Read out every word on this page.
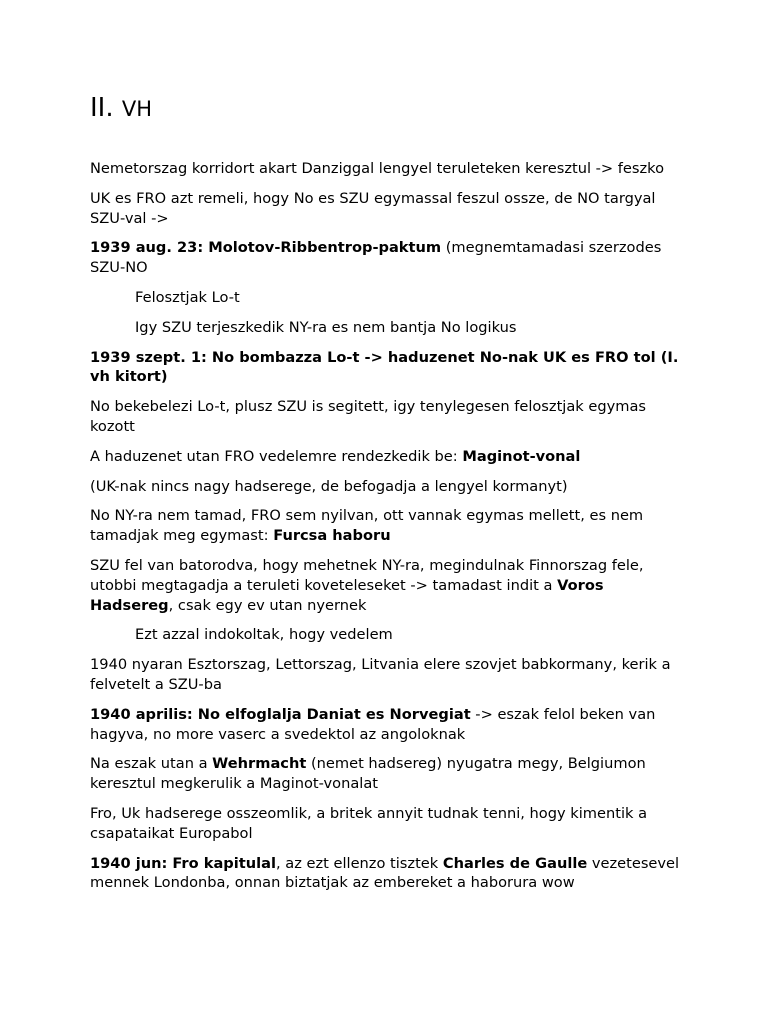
II. VH

Nemetorszag korridort akart Danziggal lengyel teruleteken keresztul -> feszko

UK es FRO azt remeli, hogy No es SZU egymassal feszul ossze, de NO targyal SZU-val ->

1939 aug. 23: Molotov-Ribbentrop-paktum (megnemtamadasi szerzodes SZU-NO

Felosztjak Lo-t

Igy SZU terjeszkedik NY-ra es nem bantja No logikus

1939 szept. 1: No bombazza Lo-t -> haduzenet No-nak UK es FRO tol (I. vh kitort)

No bekebelezi Lo-t, plusz SZU is segitett, igy tenylegesen felosztjak egymas kozott

A haduzenet utan FRO vedelemre rendezkedik be: Maginot-vonal

(UK-nak nincs nagy hadserege, de befogadja a lengyel kormanyt)

No NY-ra nem tamad, FRO sem nyilvan, ott vannak egymas mellett, es nem tamadjak meg egymast: Furcsa haboru

SZU fel van batorodva, hogy mehetnek NY-ra, megindulnak Finnorszag fele, utobbi megtagadja a teruleti koveteleseket -> tamadast indit a Voros Hadsereg, csak egy ev utan nyernek

Ezt azzal indokoltak, hogy vedelem

1940 nyaran Esztorszag, Lettorszag, Litvania elere szovjet babkormany, kerik a felvetelt a SZU-ba

1940 aprilis: No elfoglalja Daniat es Norvegiat -> eszak felol beken van hagyva, no more vaserc a svedektol az angoloknak

Na eszak utan a Wehrmacht (nemet hadsereg) nyugatra megy, Belgiumon keresztul megkerulik a Maginot-vonalat

Fro, Uk hadserege osszeomlik, a britek annyit tudnak tenni, hogy kimentik a csapataikat Europabol

1940 jun: Fro kapitulal, az ezt ellenzo tisztek Charles de Gaulle vezetesevel mennek Londonba, onnan biztatjak az embereket a haborura wow
